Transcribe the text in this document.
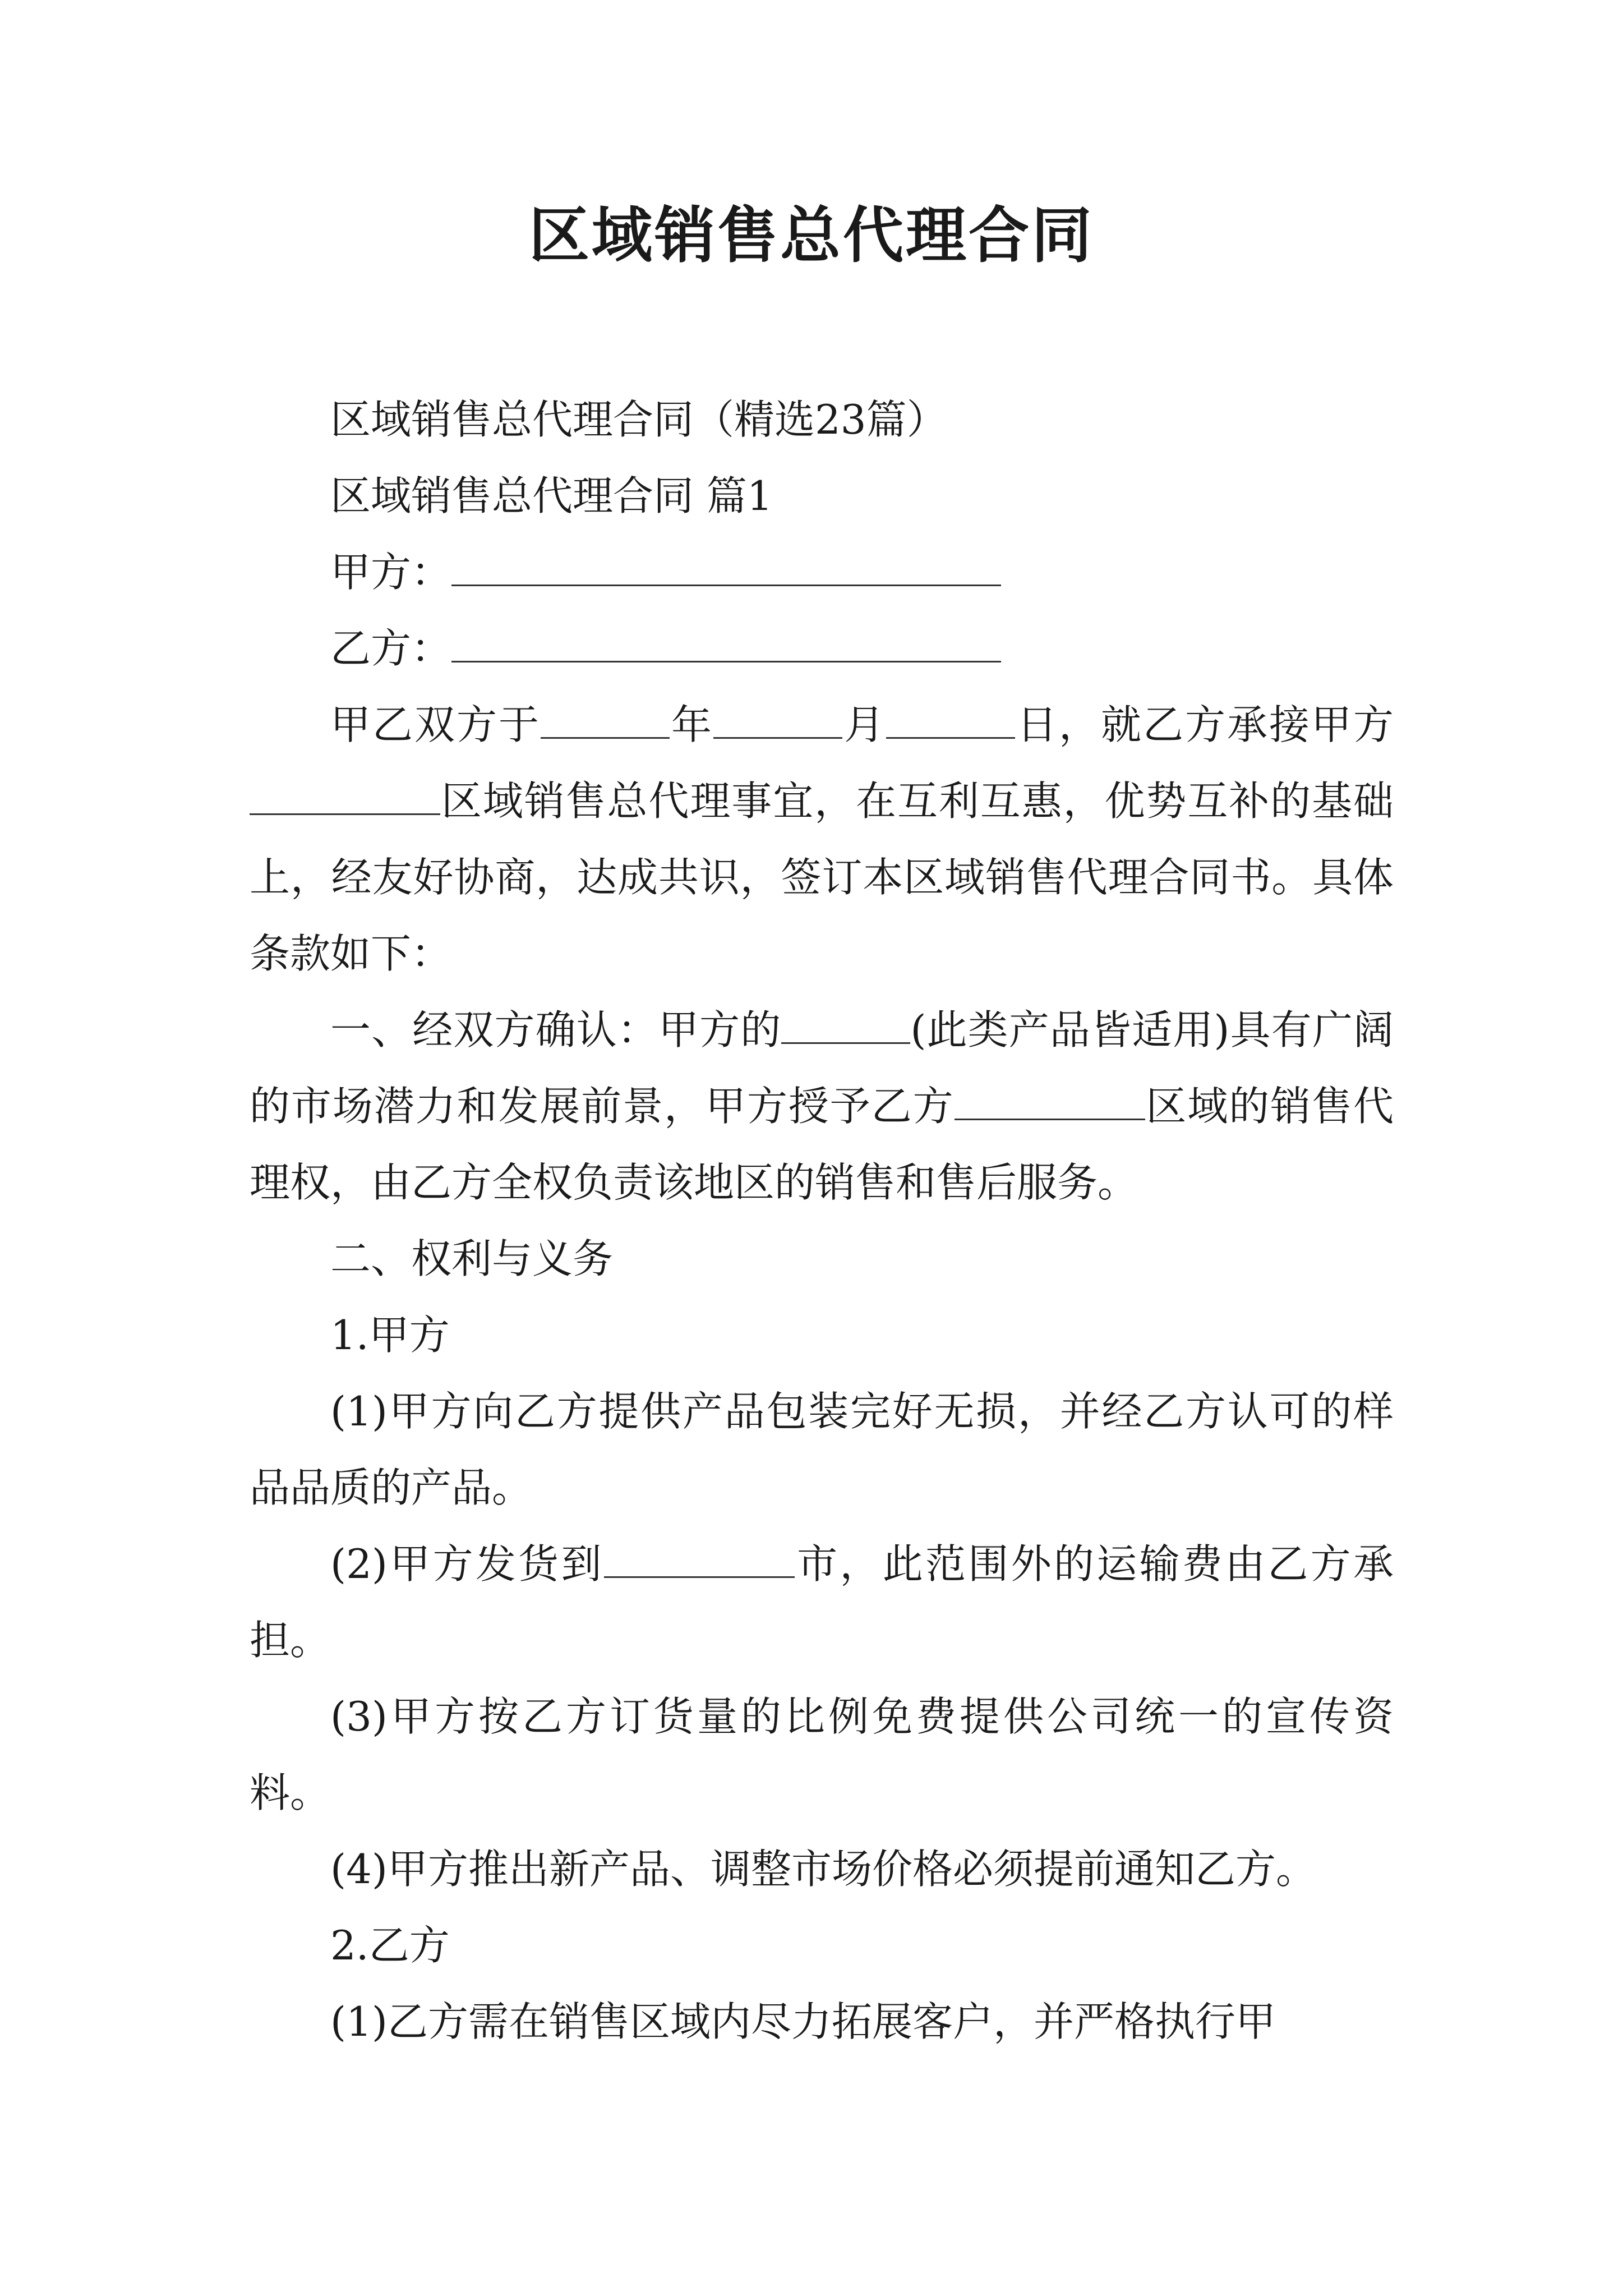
区域销售总代理合同

区域销售总代理合同（精选23篇）

区域销售总代理合同 篇1

甲方：

乙方：

甲乙双方于	年	月	日，就乙方承接甲方区域销售总代理事宜，在互利互惠，优势互补的基础上，经友好协商，达成共识，签订本区域销售代理合同书。具体条款如下：

一、经双方确认：甲方的	(此类产品皆适用)具有广阔的市场潜力和发展前景，甲方授予乙方	区域的销售代理权，由乙方全权负责该地区的销售和售后服务。

二、权利与义务

1.甲方

(1)甲方向乙方提供产品包装完好无损，并经乙方认可的样品品质的产品。

(2)甲方发货到	市，此范围外的运输费由乙方承担。

(3)甲方按乙方订货量的比例免费提供公司统一的宣传资料。

(4)甲方推出新产品、调整市场价格必须提前通知乙方。

2.乙方

(1)乙方需在销售区域内尽力拓展客户，并严格执行甲
